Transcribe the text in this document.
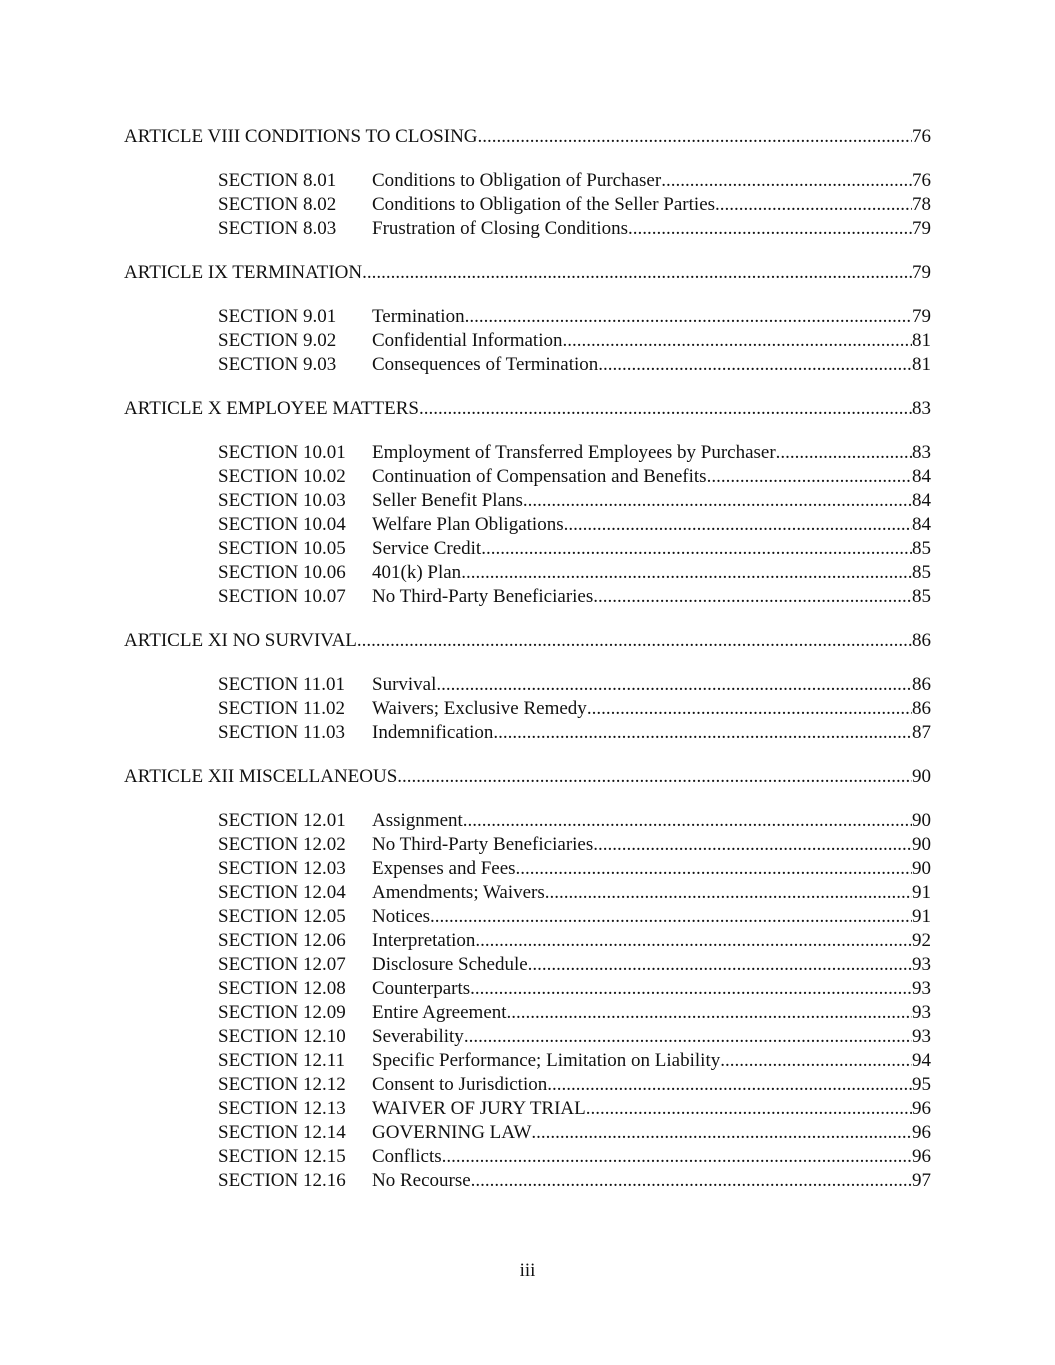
ARTICLE VIII CONDITIONS TO CLOSING .....	76
SECTION 8.01	Conditions to Obligation of Purchaser .....	76
SECTION 8.02	Conditions to Obligation of the Seller Parties .....	78
SECTION 8.03	Frustration of Closing Conditions .....	79
ARTICLE IX TERMINATION .....	79
SECTION 9.01	Termination .....	79
SECTION 9.02	Confidential Information .....	81
SECTION 9.03	Consequences of Termination .....	81
ARTICLE X EMPLOYEE MATTERS .....	83
SECTION 10.01	Employment of Transferred Employees by Purchaser .....	83
SECTION 10.02	Continuation of Compensation and Benefits .....	84
SECTION 10.03	Seller Benefit Plans .....	84
SECTION 10.04	Welfare Plan Obligations .....	84
SECTION 10.05	Service Credit .....	85
SECTION 10.06	401(k) Plan .....	85
SECTION 10.07	No Third-Party Beneficiaries .....	85
ARTICLE XI NO SURVIVAL .....	86
SECTION 11.01	Survival .....	86
SECTION 11.02	Waivers; Exclusive Remedy .....	86
SECTION 11.03	Indemnification. .....	87
ARTICLE XII MISCELLANEOUS .....	90
SECTION 12.01	Assignment .....	90
SECTION 12.02	No Third-Party Beneficiaries .....	90
SECTION 12.03	Expenses and Fees .....	90
SECTION 12.04	Amendments; Waivers .....	91
SECTION 12.05	Notices .....	91
SECTION 12.06	Interpretation .....	92
SECTION 12.07	Disclosure Schedule .....	93
SECTION 12.08	Counterparts .....	93
SECTION 12.09	Entire Agreement .....	93
SECTION 12.10	Severability .....	93
SECTION 12.11	Specific Performance; Limitation on Liability .....	94
SECTION 12.12	Consent to Jurisdiction .....	95
SECTION 12.13	WAIVER OF JURY TRIAL .....	96
SECTION 12.14	GOVERNING LAW .....	96
SECTION 12.15	Conflicts .....	96
SECTION 12.16	No Recourse .....	97
iii
